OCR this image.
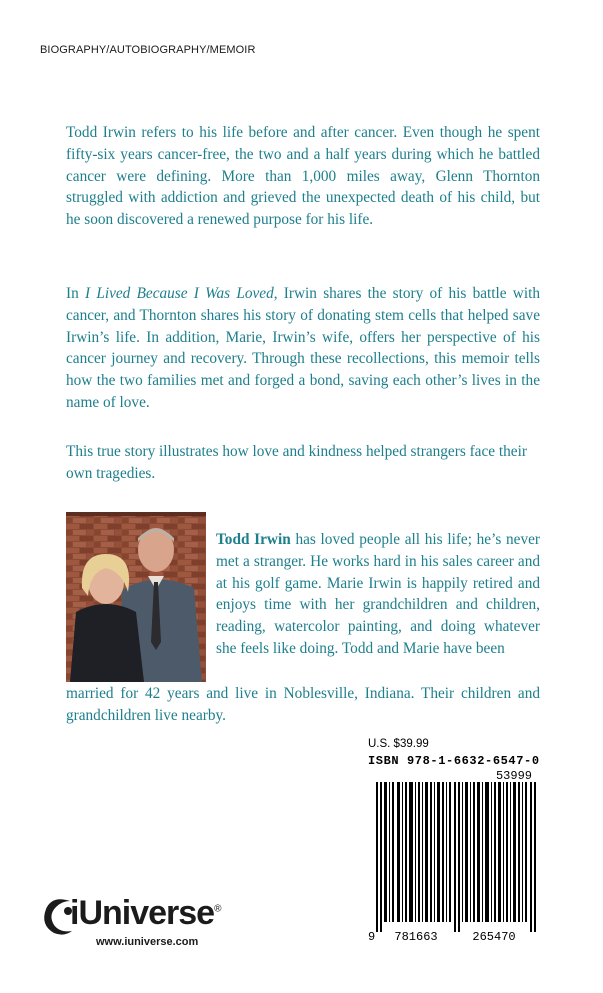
BIOGRAPHY/AUTOBIOGRAPHY/MEMOIR

Todd Irwin refers to his life before and after cancer. Even though he spent fifty-six years cancer-free, the two and a half years during which he battled cancer were defining. More than 1,000 miles away, Glenn Thornton struggled with addiction and grieved the unexpected death of his child, but he soon discovered a renewed purpose for his life.

In I Lived Because I Was Loved, Irwin shares the story of his battle with cancer, and Thornton shares his story of donating stem cells that helped save Irwin’s life. In addition, Marie, Irwin’s wife, offers her perspective of his cancer journey and recovery. Through these recollections, this memoir tells how the two families met and forged a bond, saving each other’s lives in the name of love.

This true story illustrates how love and kindness helped strangers face their own tragedies.

Todd Irwin has loved people all his life; he’s never met a stranger. He works hard in his sales career and at his golf game. Marie Irwin is happily retired and enjoys time with her grandchildren and children, reading, watercolor painting, and doing whatever she feels like doing. Todd and Marie have been
married for 42 years and live in Noblesville, Indiana. Their children and grandchildren live nearby.
U.S. $39.99
ISBN 978-1-6632-6547-0
53999
9 781663	265470
iUniverse®
www.iuniverse.com
